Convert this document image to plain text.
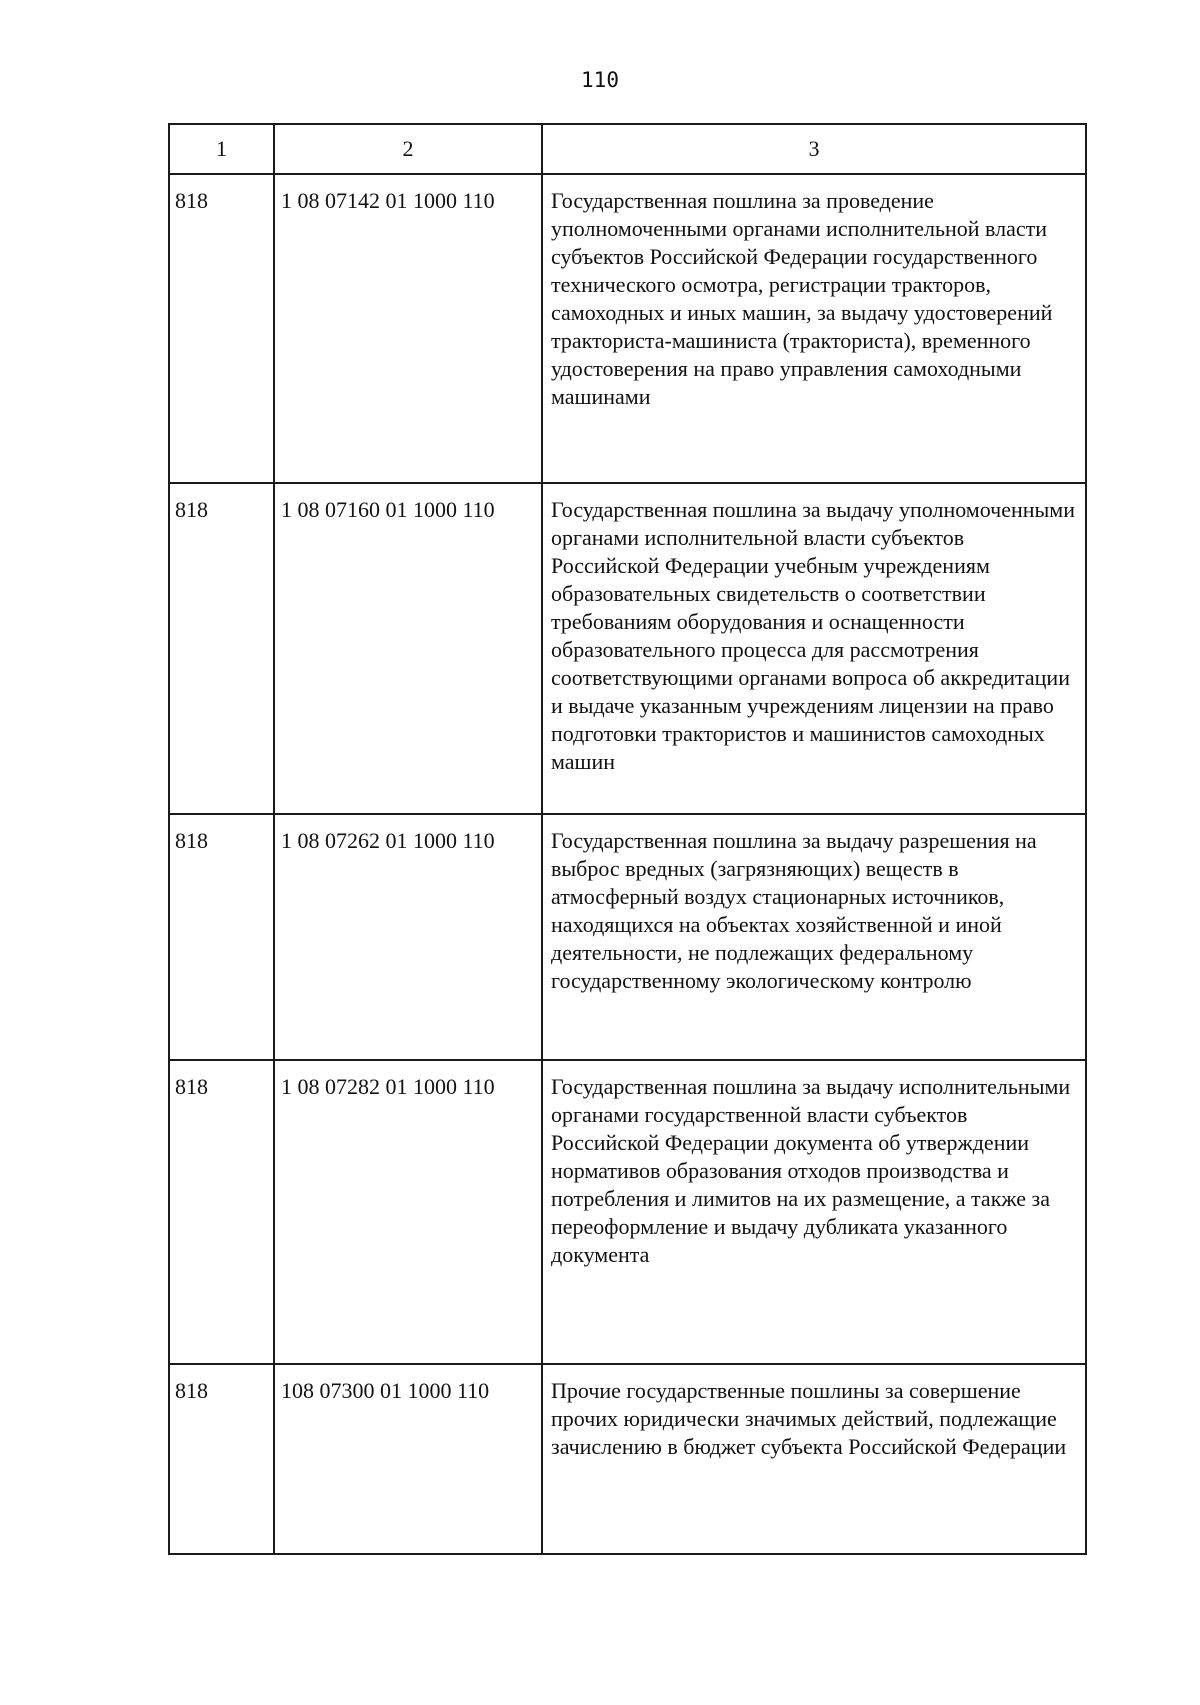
110
1	2	3
818	1 08 07142 01 1000 110	Государственная пошлина за проведение уполномоченными органами исполнительной власти субъектов Российской Федерации государственного технического осмотра, регистрации тракторов, самоходных и иных машин, за выдачу удостоверений тракториста-машиниста (тракториста), временного удостоверения на право управления самоходными машинами
818	1 08 07160 01 1000 110	Государственная пошлина за выдачу уполномоченными органами исполнительной власти субъектов Российской Федерации учебным учреждениям образовательных свидетельств о соответствии требованиям оборудования и оснащенности образовательного процесса для рассмотрения соответствующими органами вопроса об аккредитации и выдаче указанным учреждениям лицензии на право подготовки трактористов и машинистов самоходных машин
818	1 08 07262 01 1000 110	Государственная пошлина за выдачу разрешения на выброс вредных (загрязняющих) веществ в атмосферный воздух стационарных источников, находящихся на объектах хозяйственной и иной деятельности, не подлежащих федеральному государственному экологическому контролю
818	1 08 07282 01 1000 110	Государственная пошлина за выдачу исполнительными органами государственной власти субъектов Российской Федерации документа об утверждении нормативов образования отходов производства и потребления и лимитов на их размещение, а также за переоформление и выдачу дубликата указанного документа
818	108 07300 01 1000 110	Прочие государственные пошлины за совершение прочих юридически значимых действий, подлежащие зачислению в бюджет субъекта Российской Федерации
